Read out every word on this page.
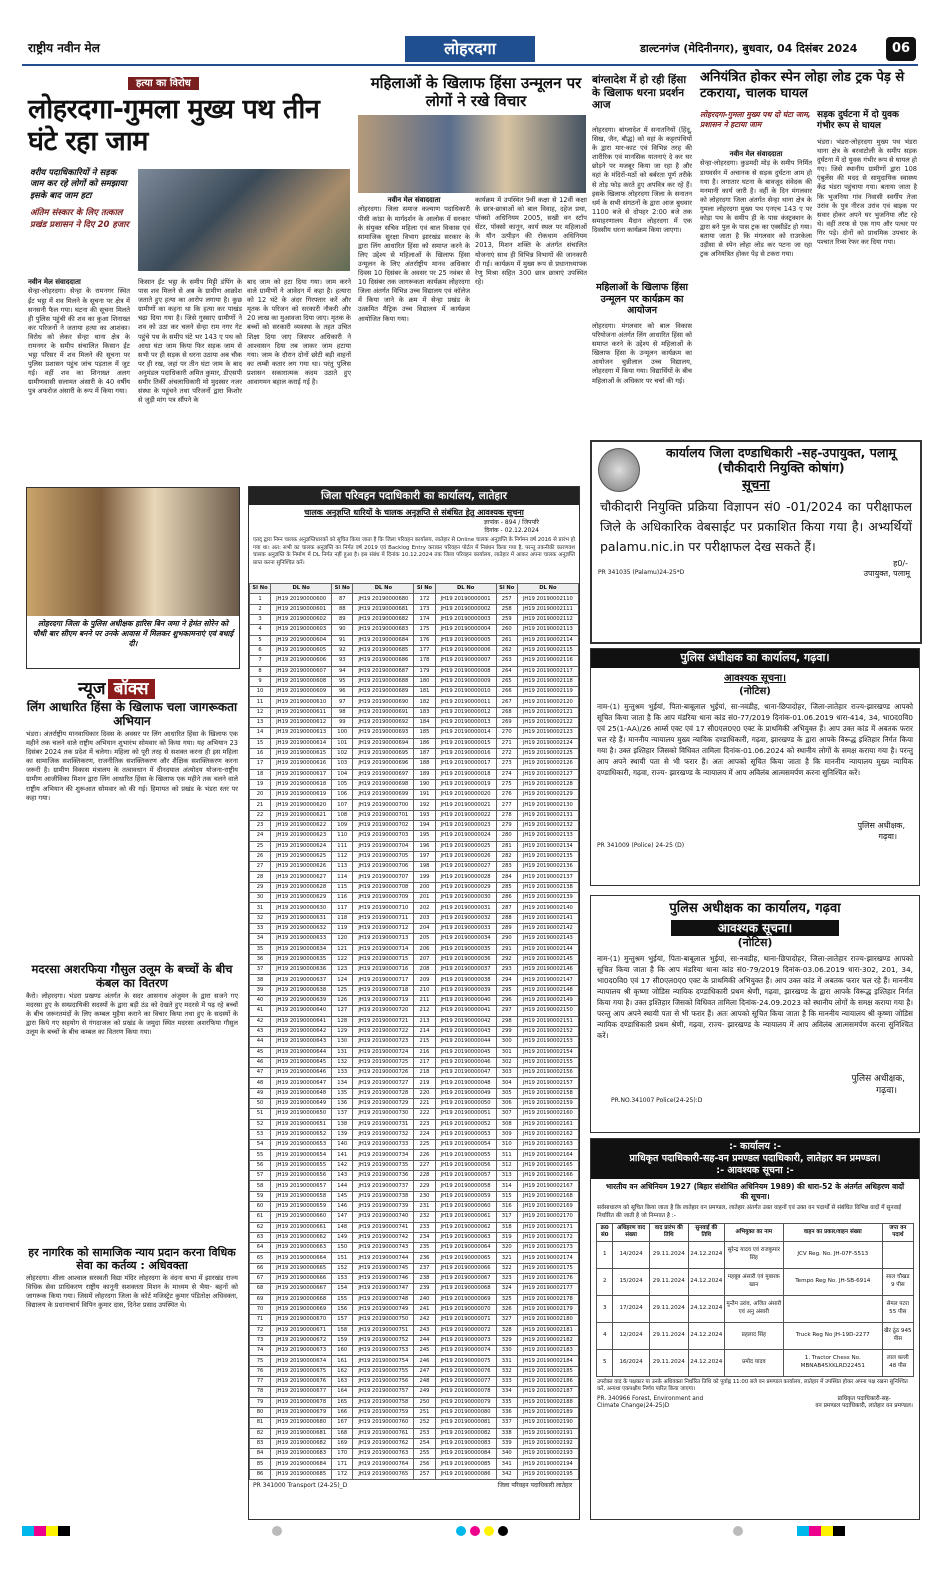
राष्ट्रीय नवीन मेल	लोहरदगा	डाल्टनगंज (मेदिनीनगर), बुधवार, 04 दिसंबर 2024	06
हत्या का विरोध
लोहरदगा-गुमला मुख्य पथ तीन घंटे रहा जाम
वरीय पदाधिकारियों ने सड़क जाम कर रहे लोगों को समझाया इसके बाद जाम हटा
अंतिम संस्कार के लिए तत्काल प्रखंड प्रशासन ने दिए 20 हजार
नवीन मेल संवाददाता
सेन्हा-लोहरदगा। सेन्हा के रामनगर स्थित ईंट भट्ठा में शव मिलने के सूचना पर क्षेत्र में सनसनी फैल गया। घटना की सूचना मिलते ही पुलिस पहुंची की शव का कुआ शिनाख्त कर परिजनों ने जताया हत्या का आशंका। विरोध को लेकर सेन्हा थाना क्षेत्र के रामनगर के समीप संचालित किसान ईंट भट्ठा परिसर में शव मिलने की सूचना पर पुलिस प्रशासन पहुंच जांच पड़ताल में जुट गई। वहीं शव का शिनाख्त अलग ग्रामीणवासी सलामत अंसारी के 40 वर्षीय पुत्र अफरोज अंसारी के रूप में किया गया।
किसान ईंट भट्ठा के समीप मिट्टी डंपिंग के पास शव मिलने से अब के ग्रामीण आक्रोश जताते हुए हत्या का आरोप लगाया है। कुछ ग्रामीणों का कहना था कि हत्या कर पाखंड चढ़ा दिया गया है। जिसे गुस्साए ग्रामीणों ने शव को उठा कर चलने सेन्हा राम नगर गेट पहुंचे पथ के समीप घंटे भर 143 ए पथ को आधा घंटा जाम किया फिर सड़क जाम से सभी पर ही सड़क से धरना उठाया अब चौक पर ही रख, जहां पर तीन घंटा जाम के बाद अनुमंडल पदाधिकारी अमित कुमार, डीएसपी समीर तिर्की अंचलाधिकारी मो मुदस्सर नजर संस्था के पहुंचने तथा परिजनों द्वारा किशोर से जुड़ी मांग पत्र सौंपने के
बाद जाम को हटा दिया गया। जाम करने वाले ग्रामीणों ने आवेदन में कहा है। हत्यारा को 12 घंटे के अंदर गिरफ्तार करें और मृतक के परिजन को सरकारी नौकरी और 20 लाख का मुआवजा दिया जाए। मृतक के बच्चों को सरकारी व्यवस्था के तहत उचित शिक्षा दिया जाए जिसपर अधिकारी ने आश्वासन दिया तब जाकर जाम हटाया गया। जाम के दौरान दोनों छोटी बड़ी वाहनों का लम्बी कतार लग गया था। परंतु पुलिस प्रशासन सकारात्मक कदम उठाते हुए आवागमन बहाल कराई गई है।
लोहरदगा जिला के पुलिस अधीक्षक हारिस बिन जमा ने हेमंत सोरेन को चौथी बार सीएम बनने पर उनके आवास में मिलकर शुभकामनाएं एवं बधाई दी।
न्यूज बॉक्स
लिंग आधारित हिंसा के खिलाफ चला जागरूकता अभियान
भंडरा। अंतर्राष्ट्रीय मानवाधिकार दिवस के अवसर पर लिंग आधारित हिंसा के खिलाफ एक महीने तक चलने वाले राष्ट्रीय अभियान शुभारंभ सोमवार को किया गया। यह अभियान 23 दिसंबर 2024 तक प्रदेश में चलेगा। महिला को पूरी तरह से सशक्त करना ही इस महिला का सामाजिक सशक्तिकरण, राजनीतिक सशक्तिकरण और शैक्षिक सशक्तिकरण करना जरूरी है। ग्रामीण विकास मंत्रालय के तत्वावधान में दीनदयाल अंत्योदय योजना-राष्ट्रीय ग्रामीण आजीविका मिशन द्वारा लिंग आधारित हिंसा के खिलाफ एक महीने तक चलने वाले राष्ट्रीय अभियान की शुरूआत सोमवार को की गई। हिमायत को प्रखंड के भंडरा स्तर पर कहा गया।
मदरसा अशरफिया गौसुल उलूम के बच्चों के बीच कंबल का वितरण
कैरो। लोहरदगा। भंडरा प्रखण्ड अंतर्गत के सदर आसनाथ अंजुमन के द्वारा सजने गए मदरसा हुए के सम्प्रदायिकी सदस्यों के द्वारा बड़ी ठंड को देखते हुए मदरसे में पढ़ रहे बच्चों के बीच जरूरतमंदों के लिए कम्बल मुहैया कराने का विचार किया तथा हुए के सदस्यों के द्वारा किये गए सहयोग से गंगदाजल को प्रखंड के जमुदा स्थित मदरसा अशरफिया गौसुल उलूम के बच्चों के बीच कम्बल का वितरण किया गया।
हर नागरिक को सामाजिक न्याय प्रदान करना विधिक सेवा का कर्तव्य : अधिवक्ता
लोहरदगा। शीला आश्वाल सरस्वती विद्या मंदिर लोहरदगा के वंदना सभा में झारखंड राज्य विधिक सेवा प्राधिकरण राष्ट्रीय कानूनी सशक्तता मिशन के माध्यम से भैया- बहनों को जागरूक किया गया। जिसमें लोहरदगा जिला के कोर्ट मजिस्ट्रेट कुमार पंडितोक्ष अधिवक्ता, विद्यालय के प्रधानाचार्य विपिन कुमार दास, दिनेश प्रसाद उपस्थित थे।
महिलाओं के खिलाफ हिंसा उन्मूलन पर लोगों ने रखे विचार
नवीन मेल संवाददाता
लोहरदगा। जिला समाज कल्याण पदाधिकारी पीसी कांडा के मार्गदर्शन के आलोक में सरकार के संयुक्त सचिव महिला एवं बाल विकास एवं सामाजिक सुरक्षा विभाग झारखंड सरकार के द्वारा लिंग आधारित हिंसा को समाप्त करने के लिए उद्देश्य से महिलाओं के खिलाफ हिंसा उन्मूलन के लिए अंतर्राष्ट्रीय मानव अधिकार दिवस 10 दिसंबर के अवसर पर 25 नवंबर से 10 दिसंबर तक जागरूकता कार्यक्रम लोहरदगा जिला अंतर्गत विभिन्न उच्च विद्यालय एवं कॉलेज में किया जाने के क्रम में सेन्हा प्रखंड के उत्क्रमित मैट्रिक उच्च विद्यालय में कार्यक्रम आयोजित किया गया।
कार्यक्रम में उपस्थित 9वीं कक्षा से 12वीं कक्षा के छात्र-छात्राओं को बाल विवाह, दहेज प्रथा, पॉक्सो अधिनियम 2005, सखी वन स्टॉप सेंटर, पॉक्सो कानून, कार्य स्थल पर महिलाओं के यौन उत्पीड़न की रोकथाम अधिनियम 2013, मिशन शक्ति के अंतर्गत संचालित योजनाएं साथ ही विभिन्न विभागों की जानकारी दी गई। कार्यक्रम में मुख्य रूप से प्रधानाध्यापक रेणु मिश्रा सहित 300 छात्र छात्राएं उपस्थित रहे।
बांग्लादेश में हो रही हिंसा के खिलाफ धरना प्रदर्शन आज
लोहरदगा। बांग्लादेश में सनातनियों (हिंदू, सिख, जैन, बौद्ध) को वहां के कट्टरपंथियों के द्वारा मार-काट एवं विभिन्न तरह की शारीरिक एवं मानसिक यातनाएं दे कर घर छोड़ने पर मजबूर किया जा रहा है और वहां के मंदिरों-मठों को बर्बरता पूर्ण तरीके से तोड़ फोड़ करते हुए अपवित्र कर रहे हैं। इसके खिलाफ लोहरदगा जिला के सनातन धर्म के सभी संगठनों के द्वारा आज बुधवार 1100 बजे से दोपहर 2:00 बजे तक समाहरणालय मैदान लोहरदगा में एक दिवसीय धरना कार्यक्रम किया जाएगा।
महिलाओं के खिलाफ हिंसा उन्मूलन पर कार्यक्रम का आयोजन
लोहरदगा। मंगलवार को बाल विकास परियोजना अंतर्गत लिंग आधारित हिंसा को समाप्त करने के उद्देश्य से महिलाओं के खिलाफ हिंसा के उन्मूलन कार्यक्रम का आयोजन चुन्नीलाल उच्च विद्यालय, लोहरदगा में किया गया। विद्यार्थियों के बीच महिलाओं के अधिकार पर चर्चा की गई।
अनियंत्रित होकर स्पेन लोहा लोड ट्रक पेड़ से टकराया, चालक घायल
लोहरदगा-गुमला मुख्य पथ दो घंटा जाम, प्रशासन ने हटाया जाम
नवीन मेल संवाददाता
सेन्हा-लोहरदगा। कुडमदी मोड़ के समीप निर्मित डायवर्सन में अचानक से सड़क दुर्घटना आम हो गया है। लगातार घटना के बावजूद संवेदक की मनमानी कार्य जारी है। वहीं के दिन मंगलवार को लोहरदगा जिला अंतर्गत सेन्हा थाना क्षेत्र के गुमला लोहरदगा मुख्य पथ एनएच 143 ए पर कोड़ा पथ के समीप ही के पास कंस्ट्रक्शन के द्वारा बने पुल के पास ट्रक का एक्सीडेंट हो गया। बताया जाता है कि मंगलवार को राउरकेला उड़ीसा से स्पेन लोहा लोड कर पटना जा रहा ट्रक अनियंत्रित होकर पेड़ से टकरा गया।
सड़क दुर्घटना में दो युवक गंभीर रूप से घायल
भंडरा। भंडरा-लोहरदगा मुख्य पथ भंडरा थाना क्षेत्र के बरवाटोली के समीप सड़क दुर्घटना में दो युवक गंभीर रूप से घायल हो गए। जिसे स्थानीय ग्रामीणों द्वारा 108 एंबुलेंस की मदद से सामुदायिक स्वास्थ्य केंद्र भंडरा पहुंचाया गया। बताया जाता है कि भुजनिया गांव निवासी स्वर्गीय तेजा उरांव के पुत्र नीरज उरांव एवं बाइक पर सवार होकर अपने घर भुजनिया लौट रहे थे। वहीं तरफ से एक गाय और पत्थर पर गिर पड़े। दोनों को प्राथमिक उपचार के पश्चात रिम्स रेफर कर दिया गया।
जिला परिवहन पदाधिकारी का कार्यालय, लातेहार
चालक अनुज्ञप्ति धारियों के चालक अनुज्ञप्ति से संबंधित हेतु आवश्यक सूचना
ज्ञापांक - 894 / जिपपरि
दिनांक - 02.12.2024
एतद् द्वारा निम्न चालक अनुज्ञप्तिधारकों को सूचित किया जाता है कि जिला परिवहन कार्यालय, लातेहार से Online चालक अनुज्ञप्ति के निर्गमन वर्ष 2016 से प्रारंभ हो गया था। अत: सभी का चालक अनुज्ञप्ति का निर्गत वर्ष 2019 एवं Backlog Entry कराकर परिवहन पोर्टल में निबंधन किया गया है, परन्तु तकनीकी कारणवश चालक अनुज्ञप्ति के निर्माण में DL निर्गत नहीं हुआ है। इस संबंध में दिनांक 10.12.2024 तक जिला परिवहन कार्यालय, लातेहार में आकर अपना चालक अनुज्ञप्ति प्राप्त करना सुनिश्चित करें।
Sl No	DL No	Sl No	DL No	Sl No	DL No	Sl No	DL No
1	JH19 20190000600	87	JH19 20190000680	172	JH19 20190000001	257	JH19 20190002110
2	JH19 20190000601	88	JH19 20190000681	173	JH19 20190000002	258	JH19 20190002111
3	JH19 20190000602	89	JH19 20190000682	174	JH19 20190000003	259	JH19 20190002112
4	JH19 20190000603	90	JH19 20190000683	175	JH19 20190000004	260	JH19 20190002113
5	JH19 20190000604	91	JH19 20190000684	176	JH19 20190000005	261	JH19 20190002114
6	JH19 20190000605	92	JH19 20190000685	177	JH19 20190000006	262	JH19 20190002115
7	JH19 20190000606	93	JH19 20190000686	178	JH19 20190000007	263	JH19 20190002116
8	JH19 20190000607	94	JH19 20190000687	179	JH19 20190000008	264	JH19 20190002117
9	JH19 20190000608	95	JH19 20190000688	180	JH19 20190000009	265	JH19 20190002118
10	JH19 20190000609	96	JH19 20190000689	181	JH19 20190000010	266	JH19 20190002119
11	JH19 20190000610	97	JH19 20190000690	182	JH19 20190000011	267	JH19 20190002120
12	JH19 20190000611	98	JH19 20190000691	183	JH19 20190000012	268	JH19 20190002121
13	JH19 20190000612	99	JH19 20190000692	184	JH19 20190000013	269	JH19 20190002122
14	JH19 20190000613	100	JH19 20190000693	185	JH19 20190000014	270	JH19 20190002123
15	JH19 20190000614	101	JH19 20190000694	186	JH19 20190000015	271	JH19 20190002124
16	JH19 20190000615	102	JH19 20190000695	187	JH19 20190000016	272	JH19 20190002125
17	JH19 20190000616	103	JH19 20190000696	188	JH19 20190000017	273	JH19 20190002126
18	JH19 20190000617	104	JH19 20190000697	189	JH19 20190000018	274	JH19 20190002127
19	JH19 20190000618	105	JH19 20190000698	190	JH19 20190000019	275	JH19 20190002128
20	JH19 20190000619	106	JH19 20190000699	191	JH19 20190000020	276	JH19 20190002129
21	JH19 20190000620	107	JH19 20190000700	192	JH19 20190000021	277	JH19 20190002130
22	JH19 20190000621	108	JH19 20190000701	193	JH19 20190000022	278	JH19 20190002131
23	JH19 20190000622	109	JH19 20190000702	194	JH19 20190000023	279	JH19 20190002132
24	JH19 20190000623	110	JH19 20190000703	195	JH19 20190000024	280	JH19 20190002133
25	JH19 20190000624	111	JH19 20190000704	196	JH19 20190000025	281	JH19 20190002134
26	JH19 20190000625	112	JH19 20190000705	197	JH19 20190000026	282	JH19 20190002135
27	JH19 20190000626	113	JH19 20190000706	198	JH19 20190000027	283	JH19 20190002136
28	JH19 20190000627	114	JH19 20190000707	199	JH19 20190000028	284	JH19 20190002137
29	JH19 20190000628	115	JH19 20190000708	200	JH19 20190000029	285	JH19 20190002138
30	JH19 20190000629	116	JH19 20190000709	201	JH19 20190000030	286	JH19 20190002139
31	JH19 20190000630	117	JH19 20190000710	202	JH19 20190000031	287	JH19 20190002140
32	JH19 20190000631	118	JH19 20190000711	203	JH19 20190000032	288	JH19 20190002141
33	JH19 20190000632	119	JH19 20190000712	204	JH19 20190000033	289	JH19 20190002142
34	JH19 20190000633	120	JH19 20190000713	205	JH19 20190000034	290	JH19 20190002143
35	JH19 20190000634	121	JH19 20190000714	206	JH19 20190000035	291	JH19 20190002144
36	JH19 20190000635	122	JH19 20190000715	207	JH19 20190000036	292	JH19 20190002145
37	JH19 20190000636	123	JH19 20190000716	208	JH19 20190000037	293	JH19 20190002146
38	JH19 20190000637	124	JH19 20190000717	209	JH19 20190000038	294	JH19 20190002147
39	JH19 20190000638	125	JH19 20190000718	210	JH19 20190000039	295	JH19 20190002148
40	JH19 20190000639	126	JH19 20190000719	211	JH19 20190000040	296	JH19 20190002149
41	JH19 20190000640	127	JH19 20190000720	212	JH19 20190000041	297	JH19 20190002150
42	JH19 20190000641	128	JH19 20190000721	213	JH19 20190000042	298	JH19 20190002151
43	JH19 20190000642	129	JH19 20190000722	214	JH19 20190000043	299	JH19 20190002152
44	JH19 20190000643	130	JH19 20190000723	215	JH19 20190000044	300	JH19 20190002153
45	JH19 20190000644	131	JH19 20190000724	216	JH19 20190000045	301	JH19 20190002154
46	JH19 20190000645	132	JH19 20190000725	217	JH19 20190000046	302	JH19 20190002155
47	JH19 20190000646	133	JH19 20190000726	218	JH19 20190000047	303	JH19 20190002156
48	JH19 20190000647	134	JH19 20190000727	219	JH19 20190000048	304	JH19 20190002157
49	JH19 20190000648	135	JH19 20190000728	220	JH19 20190000049	305	JH19 20190002158
50	JH19 20190000649	136	JH19 20190000729	221	JH19 20190000050	306	JH19 20190002159
51	JH19 20190000650	137	JH19 20190000730	222	JH19 20190000051	307	JH19 20190002160
52	JH19 20190000651	138	JH19 20190000731	223	JH19 20190000052	308	JH19 20190002161
53	JH19 20190000652	139	JH19 20190000732	224	JH19 20190000053	309	JH19 20190002162
54	JH19 20190000653	140	JH19 20190000733	225	JH19 20190000054	310	JH19 20190002163
55	JH19 20190000654	141	JH19 20190000734	226	JH19 20190000055	311	JH19 20190002164
56	JH19 20190000655	142	JH19 20190000735	227	JH19 20190000056	312	JH19 20190002165
57	JH19 20190000656	143	JH19 20190000736	228	JH19 20190000057	313	JH19 20190002166
58	JH19 20190000657	144	JH19 20190000737	229	JH19 20190000058	314	JH19 20190002167
59	JH19 20190000658	145	JH19 20190000738	230	JH19 20190000059	315	JH19 20190002168
60	JH19 20190000659	146	JH19 20190000739	231	JH19 20190000060	316	JH19 20190002169
61	JH19 20190000660	147	JH19 20190000740	232	JH19 20190000061	317	JH19 20190002170
62	JH19 20190000661	148	JH19 20190000741	233	JH19 20190000062	318	JH19 20190002171
63	JH19 20190000662	149	JH19 20190000742	234	JH19 20190000063	319	JH19 20190002172
64	JH19 20190000663	150	JH19 20190000743	235	JH19 20190000064	320	JH19 20190002173
65	JH19 20190000664	151	JH19 20190000744	236	JH19 20190000065	321	JH19 20190002174
66	JH19 20190000665	152	JH19 20190000745	237	JH19 20190000066	322	JH19 20190002175
67	JH19 20190000666	153	JH19 20190000746	238	JH19 20190000067	323	JH19 20190002176
68	JH19 20190000667	154	JH19 20190000747	239	JH19 20190000068	324	JH19 20190002177
69	JH19 20190000668	155	JH19 20190000748	240	JH19 20190000069	325	JH19 20190002178
70	JH19 20190000669	156	JH19 20190000749	241	JH19 20190000070	326	JH19 20190002179
71	JH19 20190000670	157	JH19 20190000750	242	JH19 20190000071	327	JH19 20190002180
72	JH19 20190000671	158	JH19 20190000751	243	JH19 20190000072	328	JH19 20190002181
73	JH19 20190000672	159	JH19 20190000752	244	JH19 20190000073	329	JH19 20190002182
74	JH19 20190000673	160	JH19 20190000753	245	JH19 20190000074	330	JH19 20190002183
75	JH19 20190000674	161	JH19 20190000754	246	JH19 20190000075	331	JH19 20190002184
76	JH19 20190000675	162	JH19 20190000755	247	JH19 20190000076	332	JH19 20190002185
77	JH19 20190000676	163	JH19 20190000756	248	JH19 20190000077	333	JH19 20190002186
78	JH19 20190000677	164	JH19 20190000757	249	JH19 20190000078	334	JH19 20190002187
79	JH19 20190000678	165	JH19 20190000758	250	JH19 20190000079	335	JH19 20190002188
80	JH19 20190000679	166	JH19 20190000759	251	JH19 20190000080	336	JH19 20190002189
81	JH19 20190000680	167	JH19 20190000760	252	JH19 20190000081	337	JH19 20190002190
82	JH19 20190000681	168	JH19 20190000761	253	JH19 20190000082	338	JH19 20190002191
83	JH19 20190000682	169	JH19 20190000762	254	JH19 20190000083	339	JH19 20190002192
84	JH19 20190000683	170	JH19 20190000763	255	JH19 20190000084	340	JH19 20190002193
85	JH19 20190000684	171	JH19 20190000764	256	JH19 20190000085	341	JH19 20190002194
86	JH19 20190000685	172	JH19 20190000765	257	JH19 20190000086	342	JH19 20190002195
PR 341000 Transport (24-25)_D	जिला परिवहन पदाधिकारी लातेहार
कार्यालय जिला दण्डाधिकारी -सह-उपायुक्त, पलामू (चौकीदारी नियुक्ति कोषांग)
सूचना
चौकीदारी नियुक्ति प्रक्रिया विज्ञापन सं0 -01/2024 का परीक्षाफल जिले के अधिकारिक वेबसाईट पर प्रकाशित किया गया है। अभ्यर्थियों palamu.nic.in पर परीक्षाफल देख सकते हैं।
ह0/-
PR 341035 (Palamu)24-25*D	उपायुक्त, पलामू
पुलिस अधीक्षक का कार्यालय, गढ़वा।
आवश्यक सूचना।
(नोटिस)
नाम-(1) मुन्तुश्रम भुईयां, पिता-बाबूलाल भुईयां, सा-नवडीह, थाना-छिपादोहर, जिला-लातेहार राज्य-झारखण्ड आपको सूचित किया जाता है कि आप मंडरिया थाना कांड सं0-77/2019 दिनांक-01.06.2019 धारा-414, 34, भा0द0वि0 एवं 25(1-AA)/26 आर्म्स एक्ट एवं 17 सी0एल0ए0 एक्ट के प्राथमिकी अभियुक्त हैं। आप उक्त कांड में अबतक फरार चल रहे हैं। माननीय न्यायालय मुख्य न्यायिक दण्डाधिकारी, गढ़वा, झारखण्ड के द्वारा आपके विरूद्ध इश्तिहार निर्गत किया गया है। उक्त इश्तिहार जिसको विधिवत तामिला दिनांक-01.06.2024 को स्थानीय लोगों के समक्ष कराया गया है। परन्तु आप अपने स्थायी पता से भी फरार हैं। अतः आपको सूचित किया जाता है कि माननीय न्यायालय मुख्य न्यायिक दण्डाधिकारी, गढ़वा, राज्य- झारखण्ड के न्यायालय में आप अविलंब आत्मसमर्पण करना सुनिश्चित करें।
पुलिस अधीक्षक,
गढ़वा।
PR 341009 (Police) 24-25 (D)
पुलिस अधीक्षक का कार्यालय, गढ़वा
आवश्यक सूचना।
(नोटिस)
नाम-(1) मुन्तुश्रम भुईयां, पिता-बाबूलाल भुईयां, सा-नवडीह, थाना-छिपादोहर, जिला-लातेहार राज्य-झारखण्ड आपको सूचित किया जाता है कि आप मंडरिया थाना कांड सं0-79/2019 दिनांक-03.06.2019 धारा-302, 201, 34, भा0द0वि0 एवं 17 सी0एल0ए0 एक्ट के प्राथमिकी अभियुक्त हैं। आप उक्त कांड में अबतक फरार चल रहे हैं। माननीय न्यायालय श्री कृष्णा जोडिस न्यायिक दण्डाधिकारी प्रथम श्रेणी, गढ़वा, झारखण्ड के द्वारा आपके विरूद्ध इश्तिहार निर्गत किया गया है। उक्त इश्तिहार जिसको विधिवत तामिला दिनांक-24.09.2023 को स्थानीय लोगों के समक्ष कराया गया है। परन्तु आप अपने स्थायी पता से भी फरार हैं। अतः आपको सूचित किया जाता है कि माननीय न्यायालय श्री कृष्णा जोडिस न्यायिक दण्डाधिकारी प्रथम श्रेणी, गढ़वा, राज्य- झारखण्ड के न्यायालय में आप अविलंब आत्मसमर्पण करना सुनिश्चित करें।
पुलिस अधीक्षक,
गढ़वा।
PR.NO.341007 Police(24-25):D
:- कार्यालय :-
प्राधिकृत पदाधिकारी-सह-वन प्रमण्डल पदाधिकारी, लातेहार वन प्रमण्डल।
:- आवश्यक सूचना :-
भारतीय वन अधिनियम 1927 (बिहार संशोधित अधिनियम 1989) की धारा-52 के अंतर्गत अधिहरण वादों की सूचना।
सर्वसाधारण को सूचित किया जाता है कि लातेहार वन प्रमण्डल, लातेहार अंतर्गत उक्त वाहनों एवं उक्त वन पदार्थों से संबंधित विभिन्न वादों में सुनवाई निर्धारित की जाती है जो निम्नवत है :-
क्र0 सं0	अधिहरण वाद संख्या	वाद प्रारंभ की तिथि	सुनवाई की तिथि	अभियुक्त का नाम	वाहन का प्रकार/वाहन संख्या	जप्त वन पदार्थ
1	14/2024	29.11.2024	24.12.2024	सुरेन्द्र यादव एवं राजकुमार सिंह	JCV Reg. No. JH-07F-5513	
2	15/2024	29.11.2024	24.12.2024	महबूब अंसारी एवं मुबारक खान	Tempo Reg No. JH-SB-6914	साल चौखड 9 पीस
3	17/2024	29.11.2024	24.12.2024	मुन्तैम उरांव, अजित अंसारी एवं अनु अंसारी		सेमल पटरा 55 पीस
4	12/2024	29.11.2024	24.12.2024	प्रहलाद सिंह	Truck Reg No JH-19D-2277	खैर ठूंठ 945 पीस
5	16/2024	29.11.2024	24.12.2024	प्रमोद यादव	1. Tractor Chess No. MBNAB45XKLRD22451	लाल बल्ली 48 पीस
उपरोक्त वाद के पक्षकार या उनके अधिवक्ता निर्धारित तिथि को पूर्वाह्न 11:00 बजे वन प्रमण्डल कार्यालय, लातेहार में उपस्थित होकर अपना पक्ष रखना सुनिश्चित करें, अन्यथा एकपक्षीय निर्णय पारित किया जाएगा।
PR. 340966 Forest, Environment and Climate Change(24-25)D
प्राधिकृत पदाधिकारी-सह-
वन प्रमण्डल पदाधिकारी, लातेहार वन प्रमण्डल।
